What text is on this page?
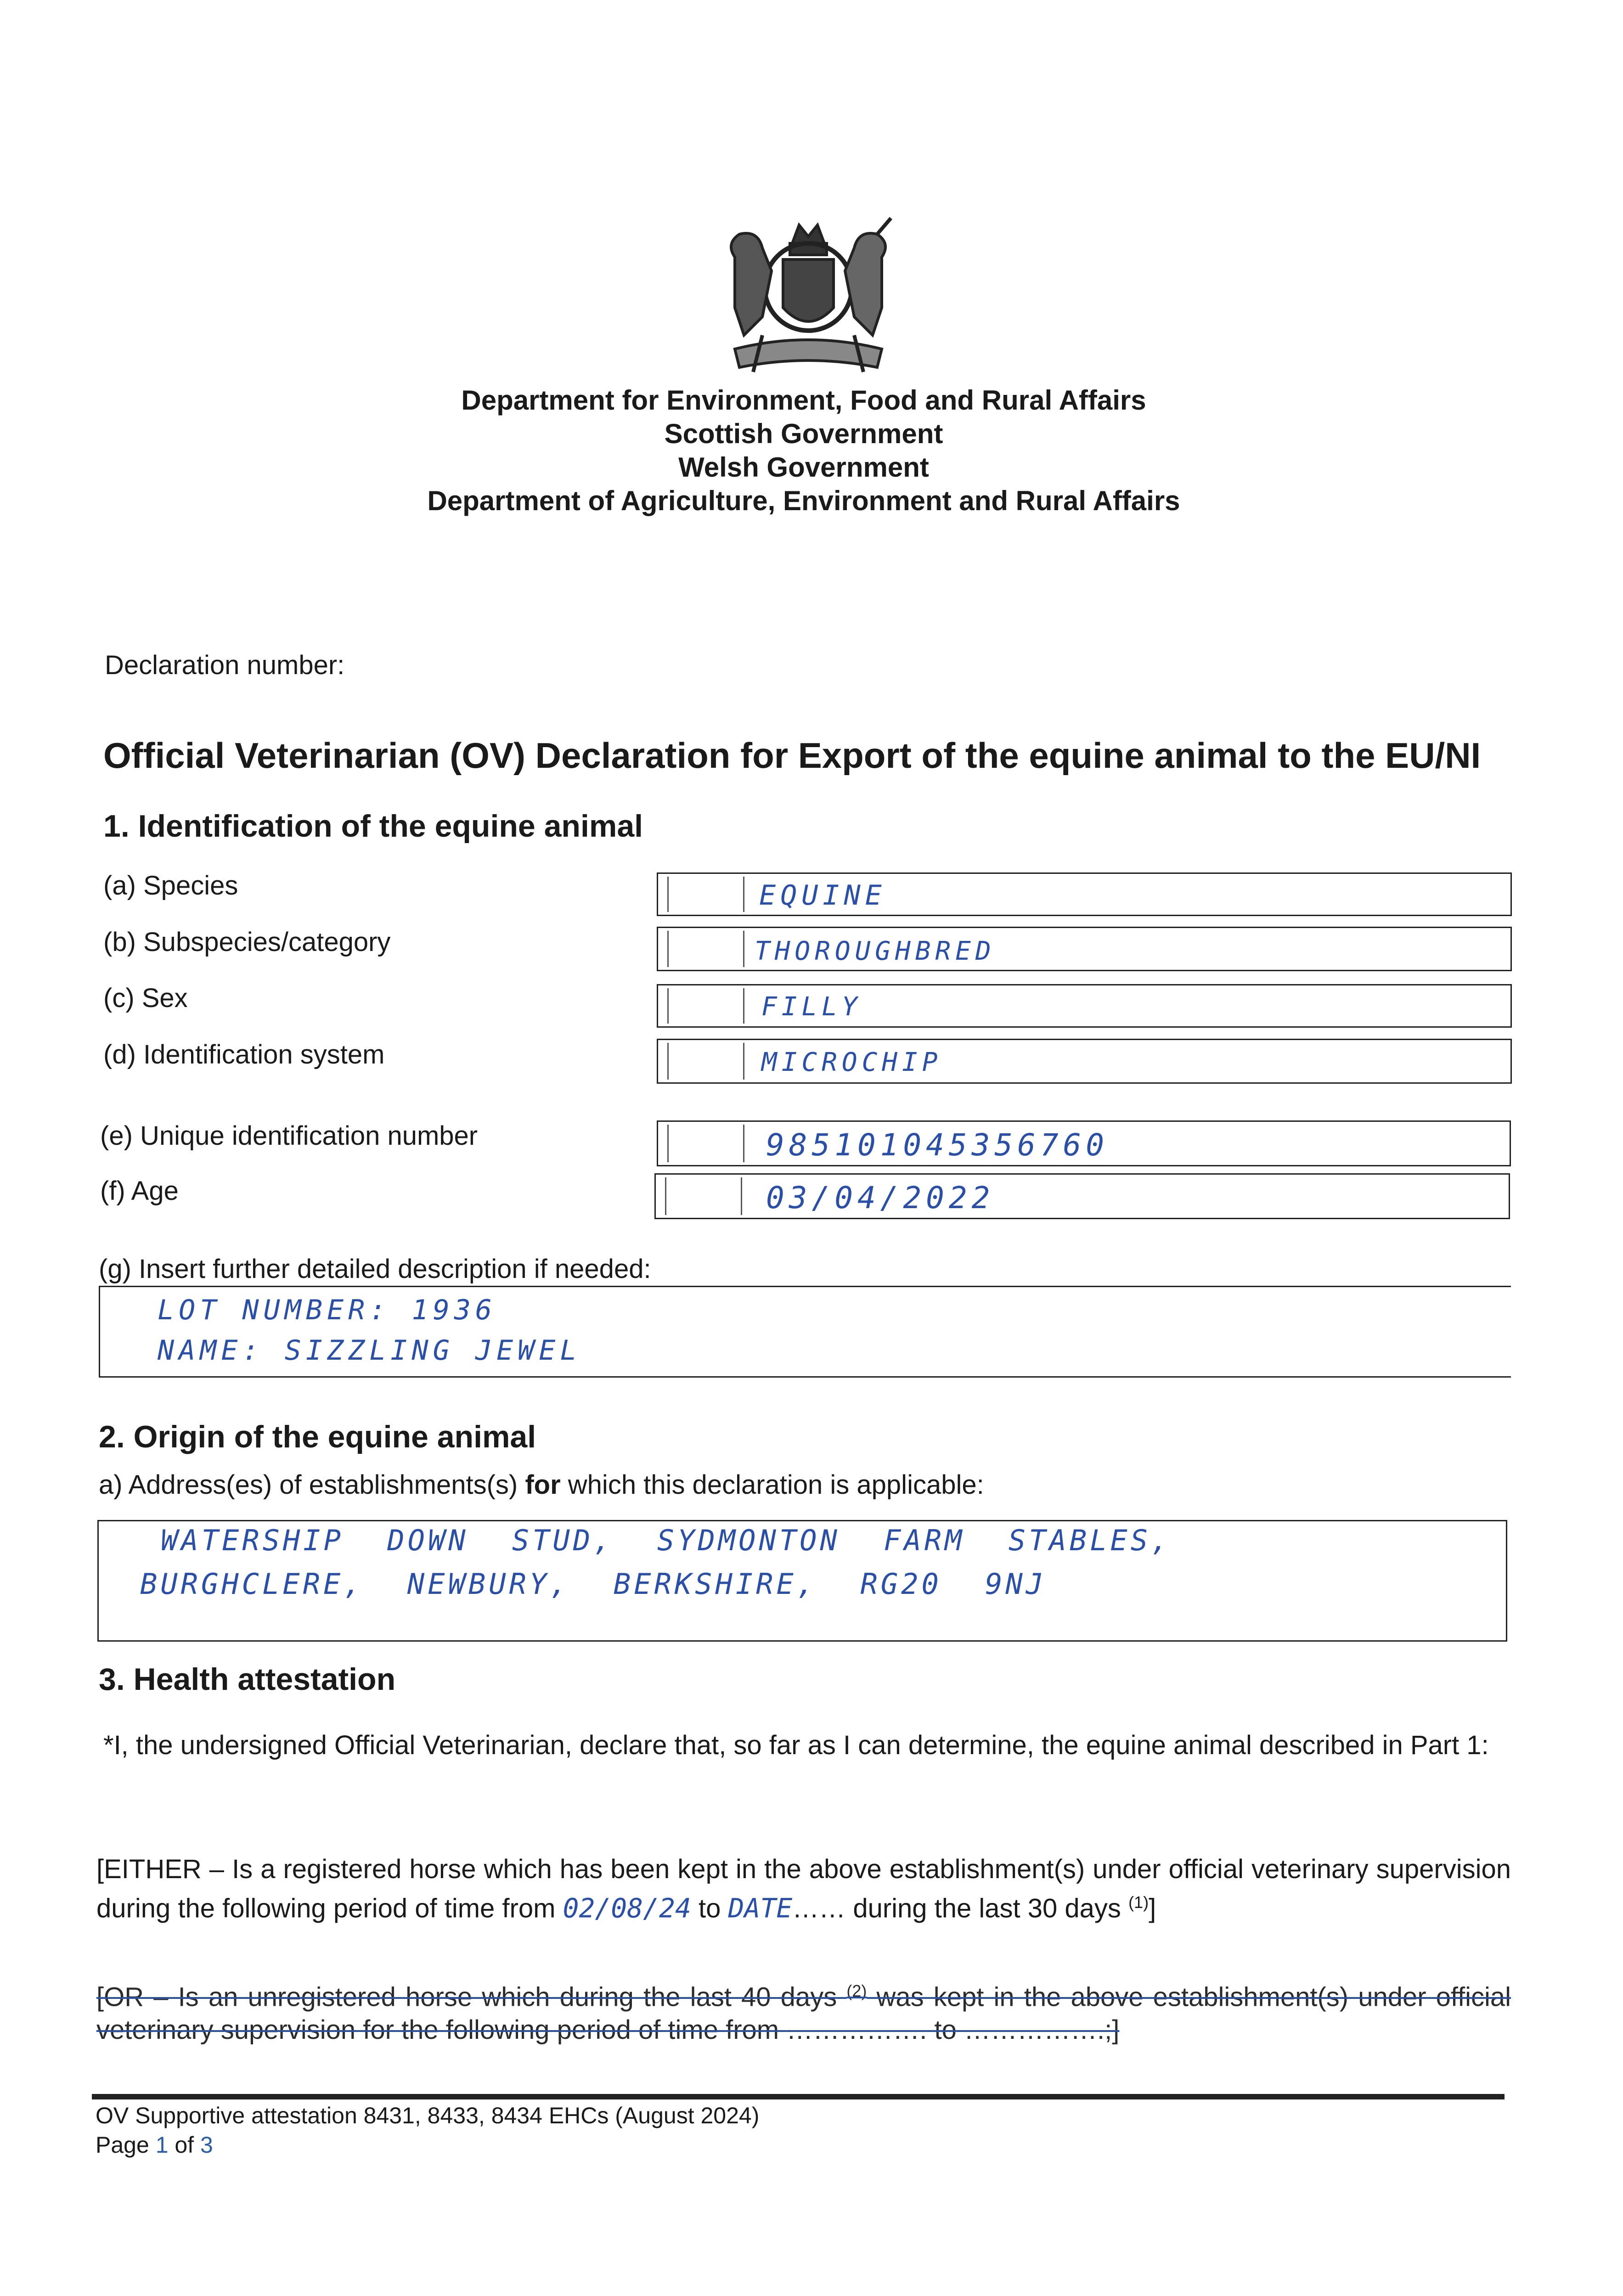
Department for Environment, Food and Rural Affairs
Scottish Government
Welsh Government
Department of Agriculture, Environment and Rural Affairs
Declaration number:
Official Veterinarian (OV) Declaration for Export of the equine animal to the EU/NI
1. Identification of the equine animal
(a) Species	EQUINE
(b) Subspecies/category	THOROUGHBRED
(c) Sex	FILLY
(d) Identification system	MICROCHIP
(e) Unique identification number	985101045356760
(f) Age	03/04/2022
(g) Insert further detailed description if needed:
LOT NUMBER: 1936
NAME: SIZZLING JEWEL
2. Origin of the equine animal
a) Address(es) of establishments(s) for which this declaration is applicable:
WATERSHIP DOWN STUD, SYDMONTON FARM STABLES,
BURGHCLERE, NEWBURY, BERKSHIRE, RG20 9NJ
3. Health attestation
*I, the undersigned Official Veterinarian, declare that, so far as I can determine, the equine animal described in Part 1:
[EITHER – Is a registered horse which has been kept in the above establishment(s) under official veterinary supervision during the following period of time from 02/08/24 to DATE…… during the last 30 days $^{(1)}$]
[OR – Is an unregistered horse which during the last 40 days $^{(2)}$ was kept in the above establishment(s) under official veterinary supervision for the following period of time from ……………. to …………….;]
OV Supportive attestation 8431, 8433, 8434 EHCs (August 2024)
Page 1 of 3
